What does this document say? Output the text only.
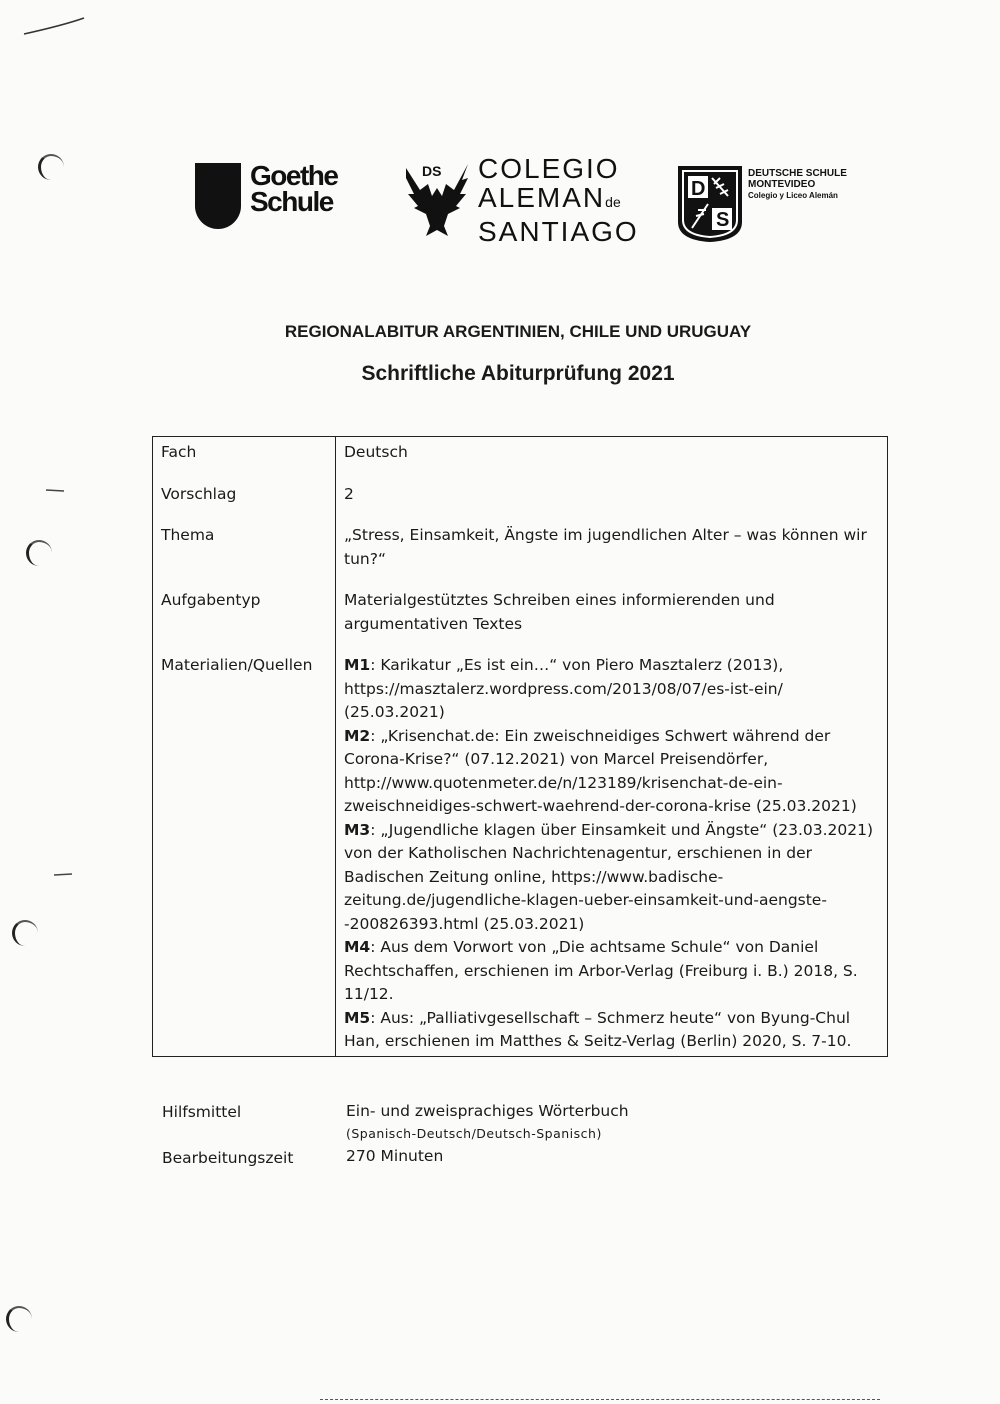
Goethe
Schule
DS COLEGIO
ALEMANde
SANTIAGO
D
S
DEUTSCHE SCHULE
MONTEVIDEO
Colegio y Liceo Alemán
REGIONALABITUR ARGENTINIEN, CHILE UND URUGUAY
Schriftliche Abiturprüfung 2021
Fach	Deutsch
Vorschlag	2
Thema	„Stress, Einsamkeit, Ängste im jugendlichen Alter – was können wir tun?“
Aufgabentyp	Materialgestütztes Schreiben eines informierenden und argumentativen Textes
Materialien/Quellen	M1: Karikatur „Es ist ein…“ von Piero Masztalerz (2013), https://masztalerz.wordpress.com/2013/08/07/es-ist-ein/ (25.03.2021)
M2: „Krisenchat.de: Ein zweischneidiges Schwert während der Corona-Krise?“ (07.12.2021) von Marcel Preisendörfer, http://www.quotenmeter.de/n/123189/krisenchat-de-ein-zweischneidiges-schwert-waehrend-der-corona-krise (25.03.2021)
M3: „Jugendliche klagen über Einsamkeit und Ängste“ (23.03.2021) von der Katholischen Nachrichtenagentur, erschienen in der Badischen Zeitung online, https://www.badische-zeitung.de/jugendliche-klagen-ueber-einsamkeit-und-aengste--200826393.html (25.03.2021)
M4: Aus dem Vorwort von „Die achtsame Schule“ von Daniel Rechtschaffen, erschienen im Arbor-Verlag (Freiburg i. B.) 2018, S. 11/12.
M5: Aus: „Palliativgesellschaft – Schmerz heute“ von Byung-Chul Han, erschienen im Matthes & Seitz-Verlag (Berlin) 2020, S. 7-10.
Hilfsmittel	Ein- und zweisprachiges Wörterbuch
(Spanisch-Deutsch/Deutsch-Spanisch)
Bearbeitungszeit	270 Minuten
